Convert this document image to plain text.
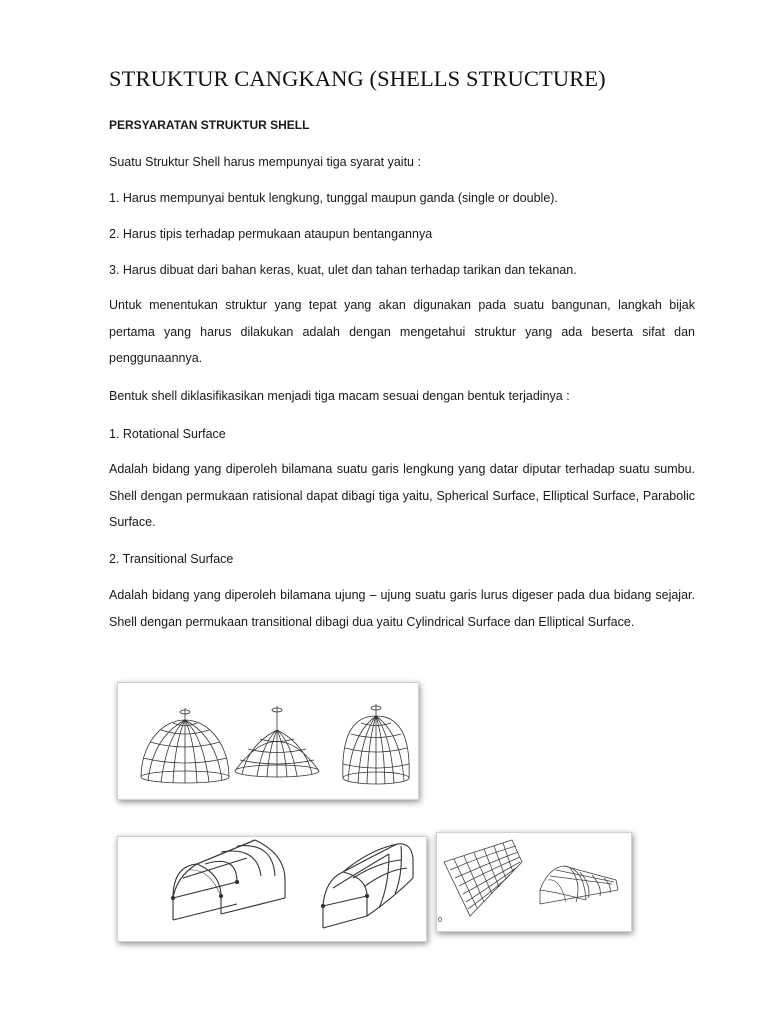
STRUKTUR CANGKANG (SHELLS STRUCTURE)

PERSYARATAN STRUKTUR SHELL

Suatu Struktur Shell harus mempunyai tiga syarat yaitu :

1. Harus mempunyai bentuk lengkung, tunggal maupun ganda (single or double).

2. Harus tipis terhadap permukaan ataupun bentangannya

3. Harus dibuat dari bahan keras, kuat, ulet dan tahan terhadap tarikan dan tekanan.

Untuk menentukan struktur yang tepat yang akan digunakan pada suatu bangunan, langkah bijak pertama yang harus dilakukan adalah dengan mengetahui struktur yang ada beserta sifat dan penggunaannya.

Bentuk shell diklasifikasikan menjadi tiga macam sesuai dengan bentuk terjadinya :

1. Rotational Surface

Adalah bidang yang diperoleh bilamana suatu garis lengkung yang datar diputar terhadap suatu sumbu. Shell dengan permukaan ratisional dapat dibagi tiga yaitu, Spherical Surface, Elliptical Surface, Parabolic Surface.

2. Transitional Surface

Adalah bidang yang diperoleh bilamana ujung – ujung suatu garis lurus digeser pada dua bidang sejajar. Shell dengan permukaan transitional dibagi dua yaitu Cylindrical Surface dan Elliptical Surface.

0
